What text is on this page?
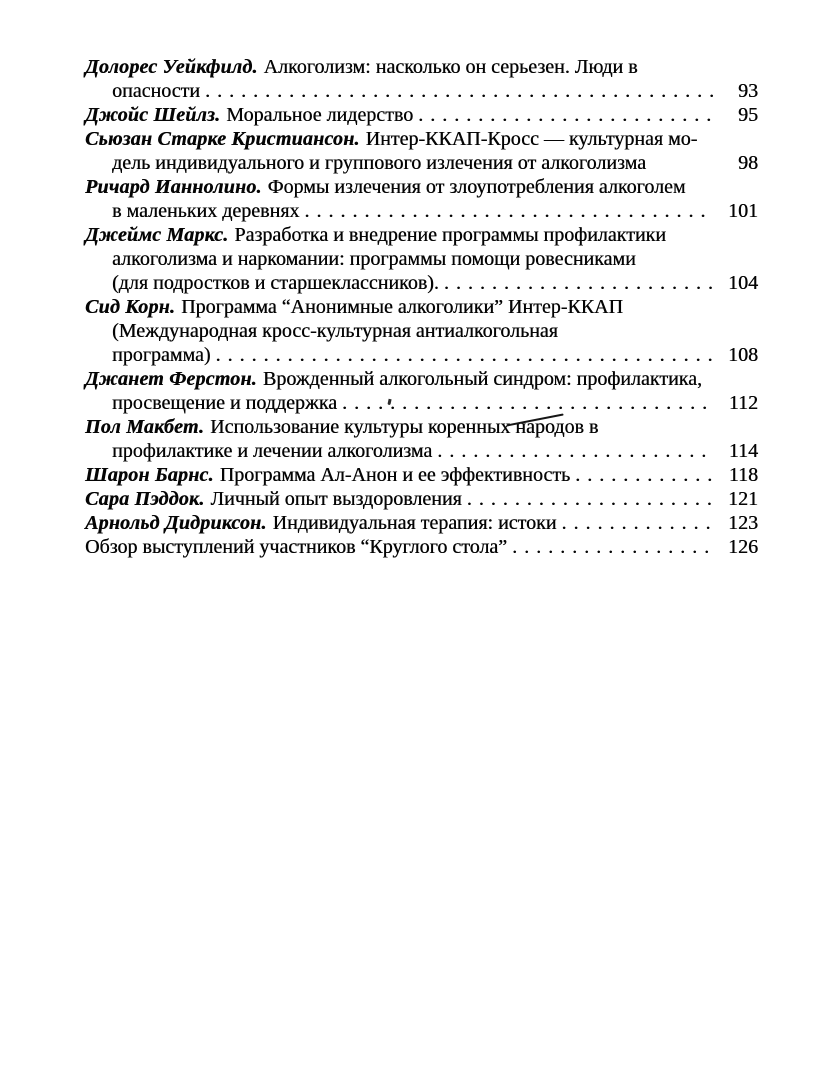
Долорес Уейкфилд. Алкоголизм: насколько он серьезен. Люди в
опасности . . .	93
Джойс Шейлз. Моральное лидерство . . .	95
Сьюзан Старке Кристиансон. Интер-ККАП-Кросс — культурная мо-
дель индивидуального и группового излечения от алкоголизма	98
Ричард Ианнолино. Формы излечения от злоупотребления алкоголем
в маленьких деревнях . . .	101
Джеймс Маркс. Разработка и внедрение программы профилактики
алкоголизма и наркомании: программы помощи ровесниками
(для подростков и старшеклассников). . . .	104
Сид Корн. Программа “Анонимные алкоголики” Интер-ККАП
(Международная кросс-культурная антиалкогольная
программа) . . .	108
Джанет Ферстон. Врожденный алкогольный синдром: профилактика,
просвещение и поддержка . . .	112
Пол Макбет. Использование культуры коренных народов в
профилактике и лечении алкоголизма . . .	114
Шарон Барнс. Программа Ал-Анон и ее эффективность . . .	118
Сара Пэддок. Личный опыт выздоровления . . .	121
Арнольд Дидриксон. Индивидуальная терапия: истоки . . .	123
Обзор выступлений участников “Круглого стола” . . .	126
